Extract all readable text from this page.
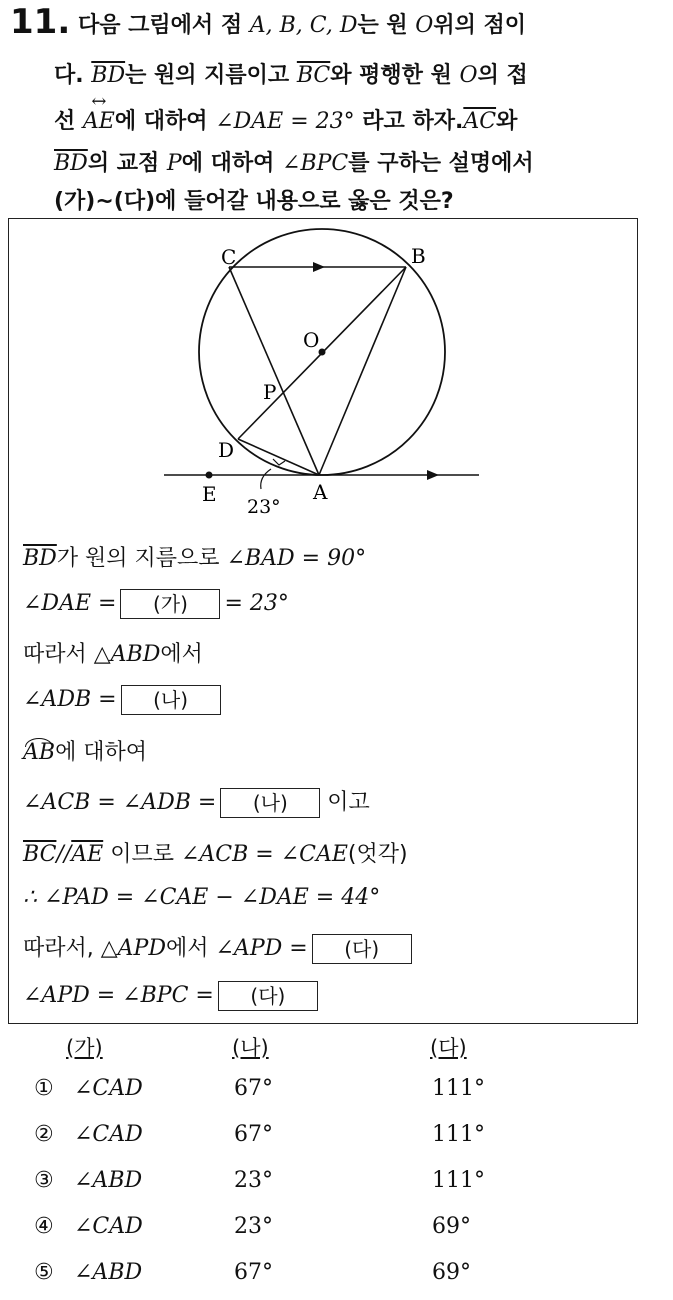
11. 다음 그림에서 점 A, B, C, D는 원 O위의 점이
다. $\overline{BD}$는 원의 지름이고 $\overline{BC}$와 평행한 원 O의 접
선 ↔ AE에 대하여 ∠DAE = 23° 라고 하자$.\overline{AC}$와
$\overline{BD}$의 교점 P에 대하여 ∠BPC를 구하는 설명에서
(가)~(다)에 들어갈 내용으로 옳은 것은?
C	B
O
P
D
E	A
23°
$\overline{BD}$가 원의 지름으로 ∠BAD = 90°
∠DAE = (가) = 23°
따라서 △ABD에서
∠ADB = (나)
AB에 대하여
∠ACB = ∠ADB = (나) 이고
$\overline{BC}//\overline{AE}$ 이므로 ∠ACB = ∠CAE(엇각)
∴ ∠PAD = ∠CAE − ∠DAE = 44°
따라서, △APD에서 ∠APD = (다)
∠APD = ∠BPC = (다)
(가)	(나)	(다)
① ∠CAD	67°	111°
② ∠CAD	67°	111°
③ ∠ABD	23°	111°
④ ∠CAD	23°	69°
⑤ ∠ABD	67°	69°
